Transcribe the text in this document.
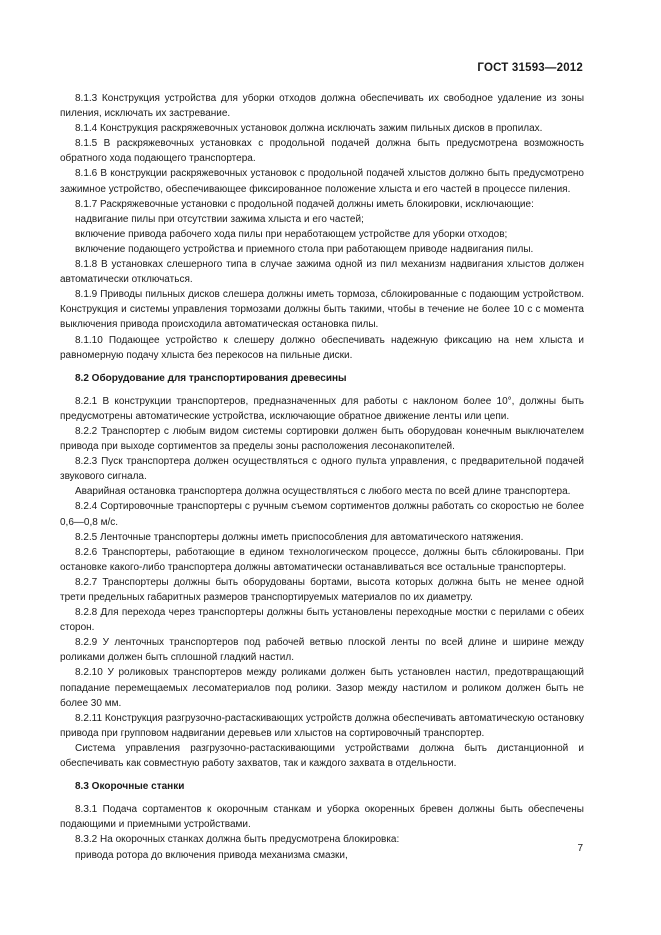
ГОСТ 31593—2012

8.1.3 Конструкция устройства для уборки отходов должна обеспечивать их свободное удаление из зоны пиления, исключать их застревание.

8.1.4 Конструкция раскряжевочных установок должна исключать зажим пильных дисков в пропилах.

8.1.5 В раскряжевочных установках с продольной подачей должна быть предусмотрена возможность обратного хода подающего транспортера.

8.1.6 В конструкции раскряжевочных установок с продольной подачей хлыстов должно быть предусмотрено зажимное устройство, обеспечивающее фиксированное положение хлыста и его частей в процессе пиления.

8.1.7 Раскряжевочные установки с продольной подачей должны иметь блокировки, исключающие:

надвигание пилы при отсутствии зажима хлыста и его частей;

включение привода рабочего хода пилы при неработающем устройстве для уборки отходов;

включение подающего устройства и приемного стола при работающем приводе надвигания пилы.

8.1.8 В установках слешерного типа в случае зажима одной из пил механизм надвигания хлыстов должен автоматически отключаться.

8.1.9 Приводы пильных дисков слешера должны иметь тормоза, сблокированные с подающим устройством. Конструкция и системы управления тормозами должны быть такими, чтобы в течение не более 10 с с момента выключения привода происходила автоматическая остановка пилы.

8.1.10 Подающее устройство к слешеру должно обеспечивать надежную фиксацию на нем хлыста и равномерную подачу хлыста без перекосов на пильные диски.

8.2 Оборудование для транспортирования древесины

8.2.1 В конструкции транспортеров, предназначенных для работы с наклоном более 10°, должны быть предусмотрены автоматические устройства, исключающие обратное движение ленты или цепи.

8.2.2 Транспортер с любым видом системы сортировки должен быть оборудован конечным выключателем привода при выходе сортиментов за пределы зоны расположения лесонакопителей.

8.2.3 Пуск транспортера должен осуществляться с одного пульта управления, с предварительной подачей звукового сигнала.

Аварийная остановка транспортера должна осуществляться с любого места по всей длине транспортера.

8.2.4 Сортировочные транспортеры с ручным съемом сортиментов должны работать со скоростью не более 0,6—0,8 м/с.

8.2.5 Ленточные транспортеры должны иметь приспособления для автоматического натяжения.

8.2.6 Транспортеры, работающие в едином технологическом процессе, должны быть сблокированы. При остановке какого-либо транспортера должны автоматически останавливаться все остальные транспортеры.

8.2.7 Транспортеры должны быть оборудованы бортами, высота которых должна быть не менее одной трети предельных габаритных размеров транспортируемых материалов по их диаметру.

8.2.8 Для перехода через транспортеры должны быть установлены переходные мостки с перилами с обеих сторон.

8.2.9 У ленточных транспортеров под рабочей ветвью плоской ленты по всей длине и ширине между роликами должен быть сплошной гладкий настил.

8.2.10 У роликовых транспортеров между роликами должен быть установлен настил, предотвращающий попадание перемещаемых лесоматериалов под ролики. Зазор между настилом и роликом должен быть не более 30 мм.

8.2.11 Конструкция разгрузочно-растаскивающих устройств должна обеспечивать автоматическую остановку привода при групповом надвигании деревьев или хлыстов на сортировочный транспортер.

Система управления разгрузочно-растаскивающими устройствами должна быть дистанционной и обеспечивать как совместную работу захватов, так и каждого захвата в отдельности.

8.3 Окорочные станки

8.3.1 Подача сортаментов к окорочным станкам и уборка окоренных бревен должны быть обеспечены подающими и приемными устройствами.

8.3.2 На окорочных станках должна быть предусмотрена блокировка:

привода ротора до включения привода механизма смазки,

7
